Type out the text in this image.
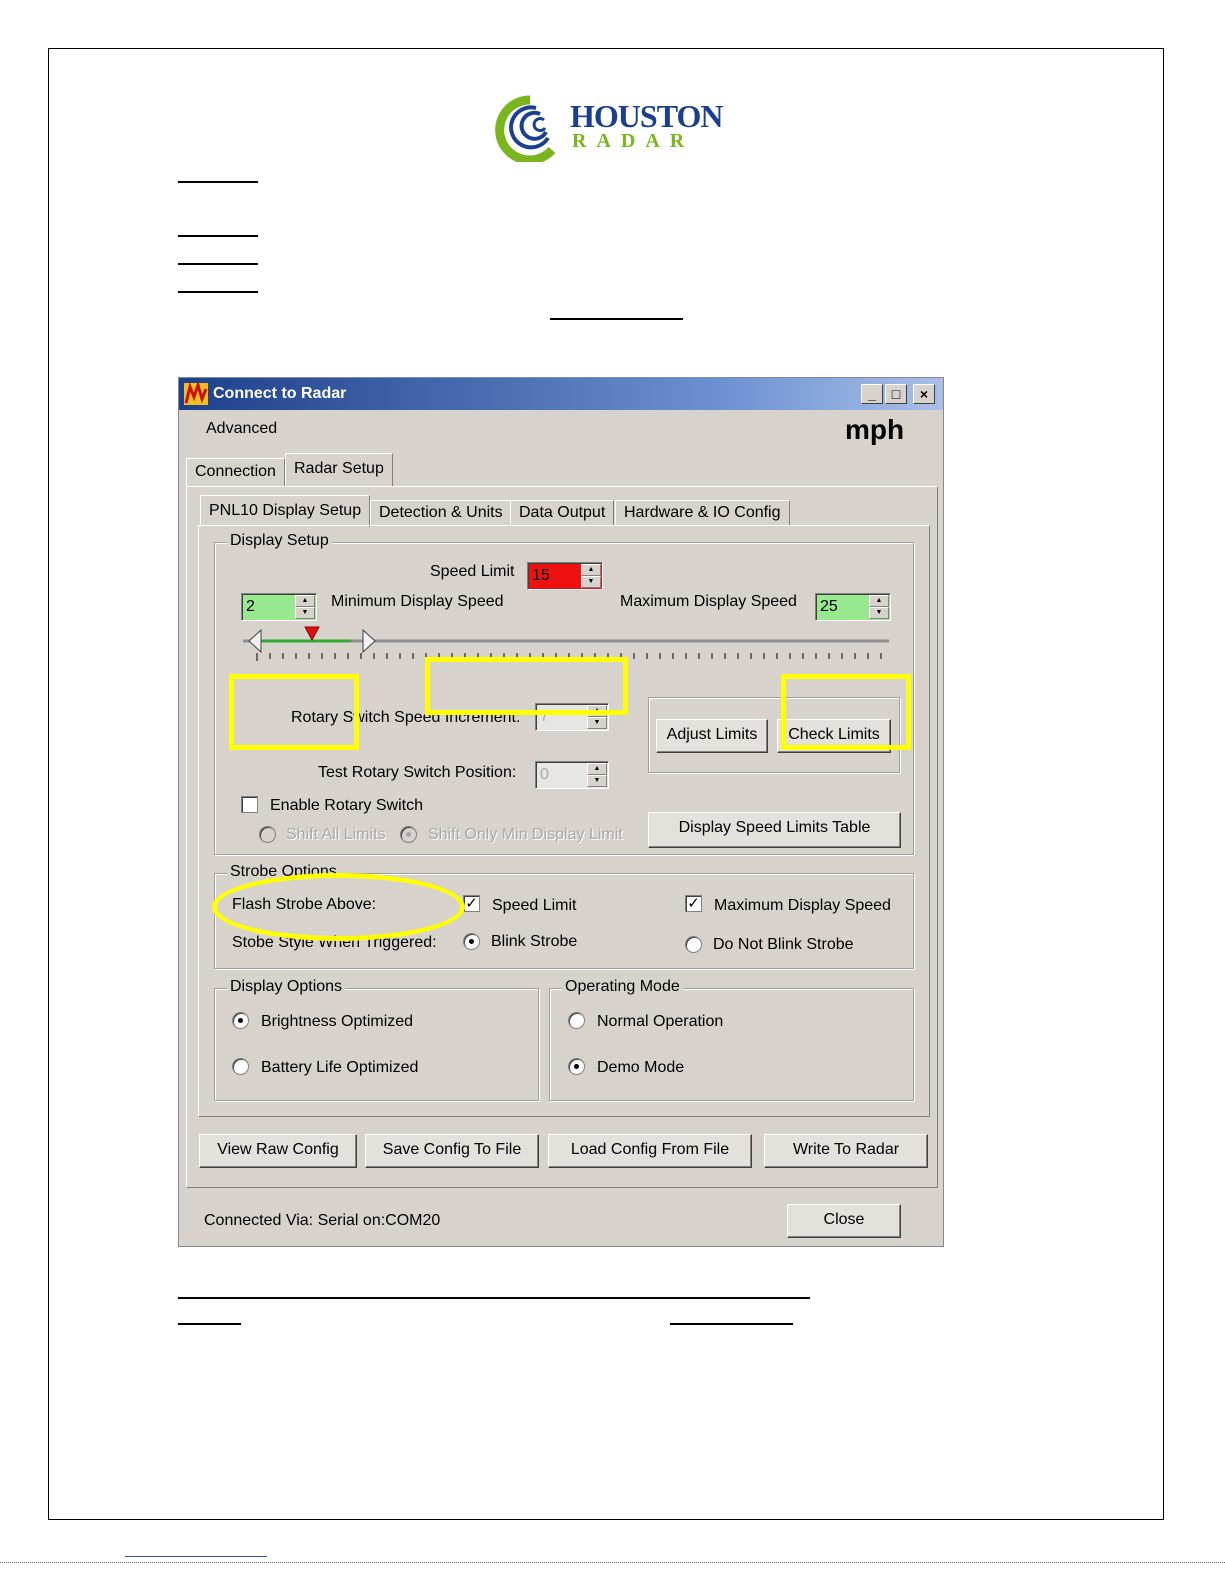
HOUSTON
RADAR
Connect to Radar	_	□	×
Advanced	mph
Connection	Radar Setup
PNL10 Display Setup	Detection & Units	Data Output	Hardware & IO Config
Display Setup
Speed Limit 15	▲
▼
2	▲
▼
Minimum Display Speed	Maximum Display Speed 25	▲
▼
Rotary Switch Speed Increment: 7	▲
▼
Test Rotary Switch Position: 0	▲
▼
Enable Rotary Switch
Shift All Limits	Shift Only Min Display Limit
Adjust Limits	Check Limits
Display Speed Limits Table
Strobe Options
Flash Strobe Above:	✓ Speed Limit	✓ Maximum Display Speed
Stobe Style When Triggered:	Blink Strobe	Do Not Blink Strobe
Display Options
Brightness Optimized
Battery Life Optimized
Operating Mode
Normal Operation
Demo Mode
View Raw Config	Save Config To File	Load Config From File	Write To Radar
Connected Via: Serial on:COM20	Close
